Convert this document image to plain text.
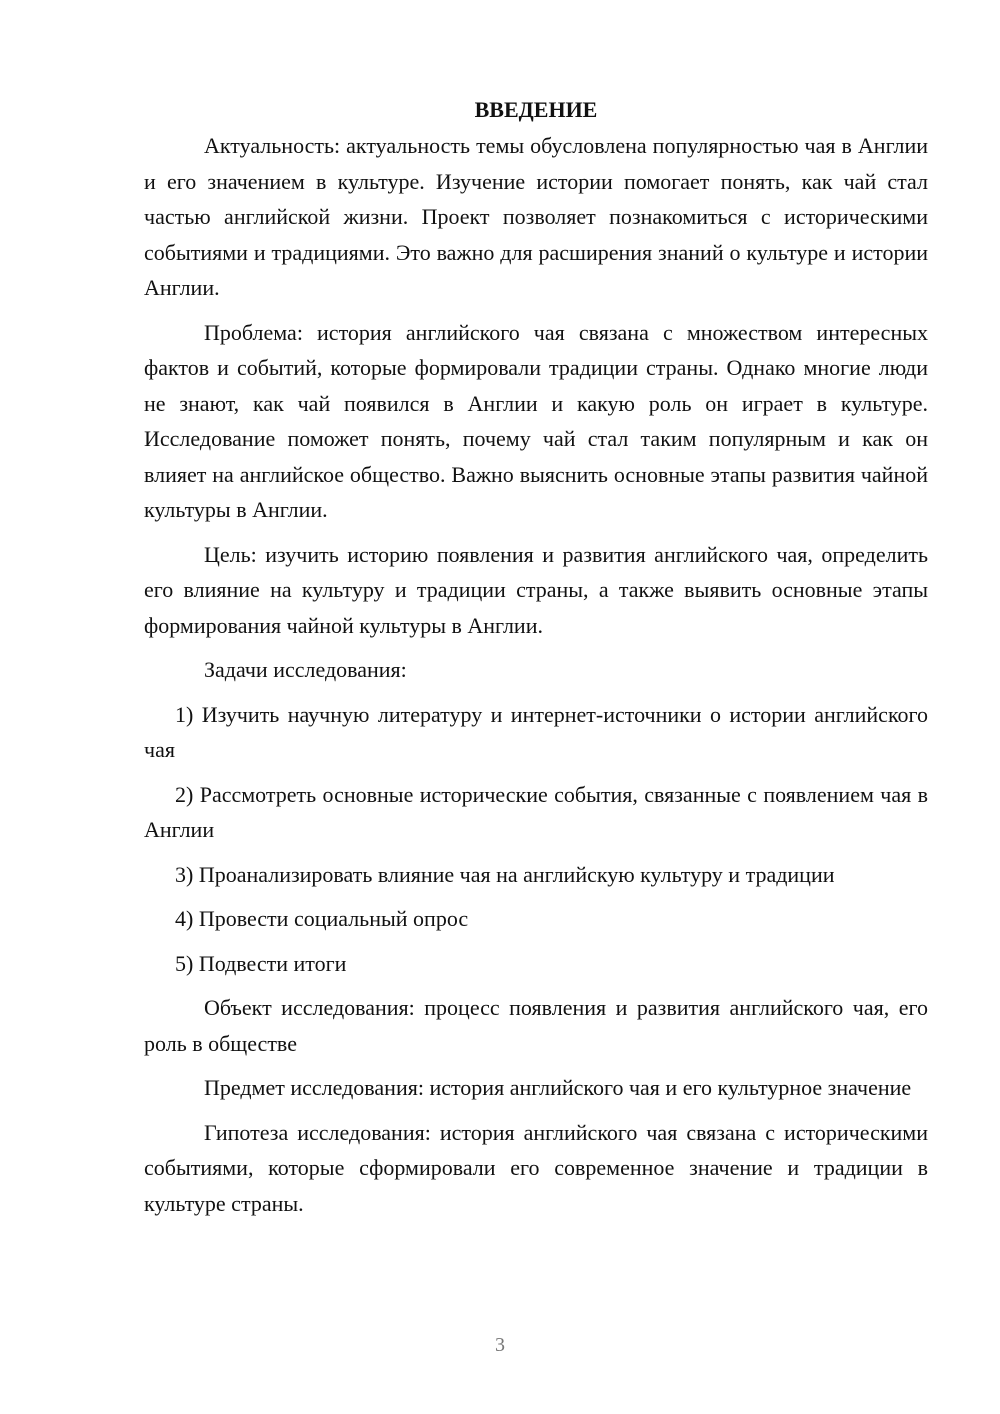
ВВЕДЕНИЕ

Актуальность: актуальность темы обусловлена популярностью чая в Англии и его значением в культуре. Изучение истории помогает понять, как чай стал частью английской жизни. Проект позволяет познакомиться с историческими событиями и традициями. Это важно для расширения знаний о культуре и истории Англии.

Проблема: история английского чая связана с множеством интересных фактов и событий, которые формировали традиции страны. Однако многие люди не знают, как чай появился в Англии и какую роль он играет в культуре. Исследование поможет понять, почему чай стал таким популярным и как он влияет на английское общество. Важно выяснить основные этапы развития чайной культуры в Англии.

Цель: изучить историю появления и развития английского чая, определить его влияние на культуру и традиции страны, а также выявить основные этапы формирования чайной культуры в Англии.

Задачи исследования:

1) Изучить научную литературу и интернет-источники о истории английского чая

2) Рассмотреть основные исторические события, связанные с появлением чая в Англии

3) Проанализировать влияние чая на английскую культуру и традиции

4) Провести социальный опрос

5) Подвести итоги

Объект исследования: процесс появления и развития английского чая, его роль в обществе

Предмет исследования: история английского чая и его культурное значение

Гипотеза исследования: история английского чая связана с историческими событиями, которые сформировали его современное значение и традиции в культуре страны.

3
